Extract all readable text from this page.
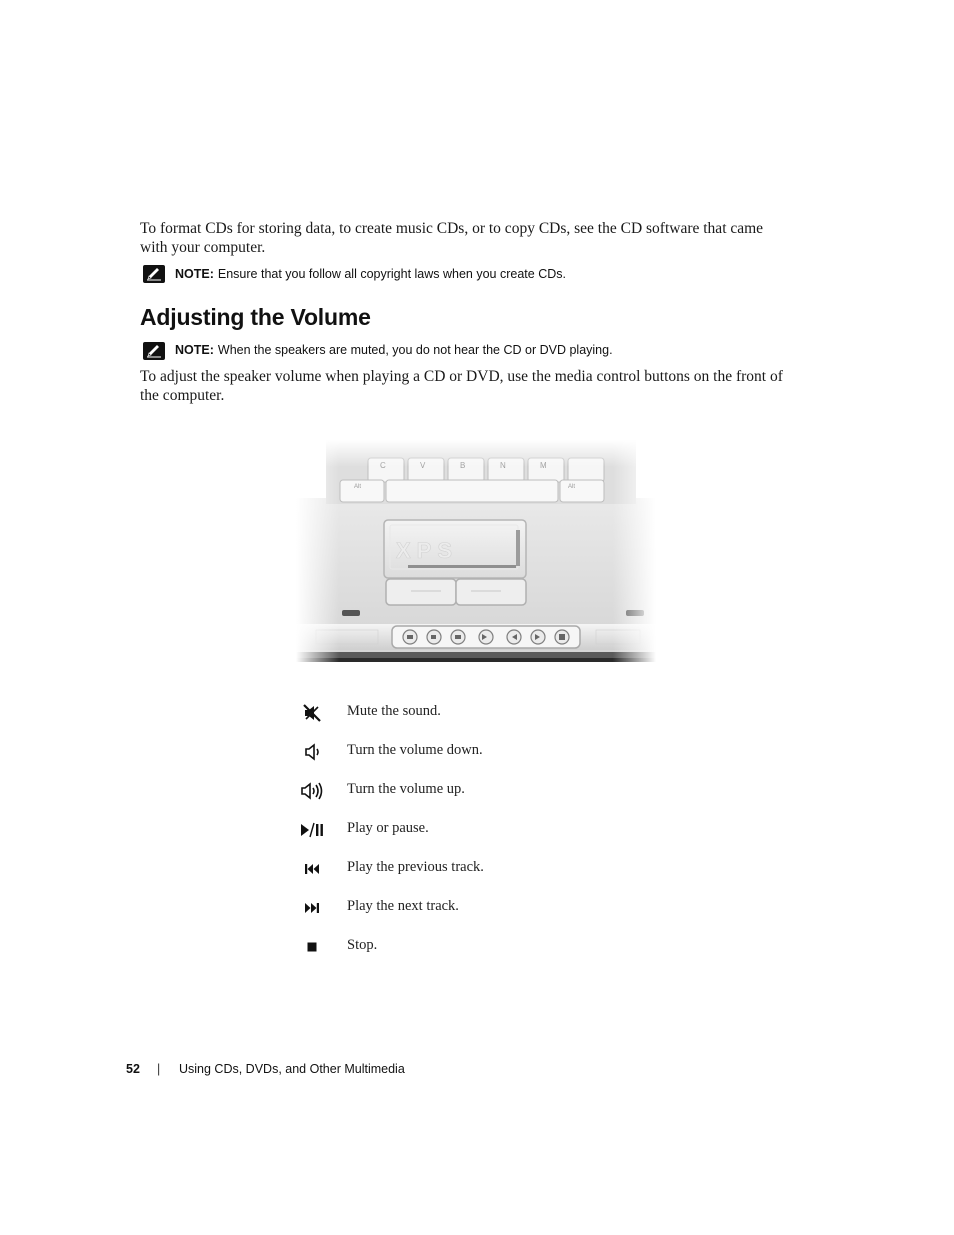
To format CDs for storing data, to create music CDs, or to copy CDs, see the CD software that came
with your computer.
NOTE: Ensure that you follow all copyright laws when you create CDs.
Adjusting the Volume
NOTE: When the speakers are muted, you do not hear the CD or DVD playing.
To adjust the speaker volume when playing a CD or DVD, use the media control buttons on the front of
the computer.
Mute the sound.
Turn the volume down.
Turn the volume up.
Play or pause.
Play the previous track.
Play the next track.
Stop.
52 | Using CDs, DVDs, and Other Multimedia
